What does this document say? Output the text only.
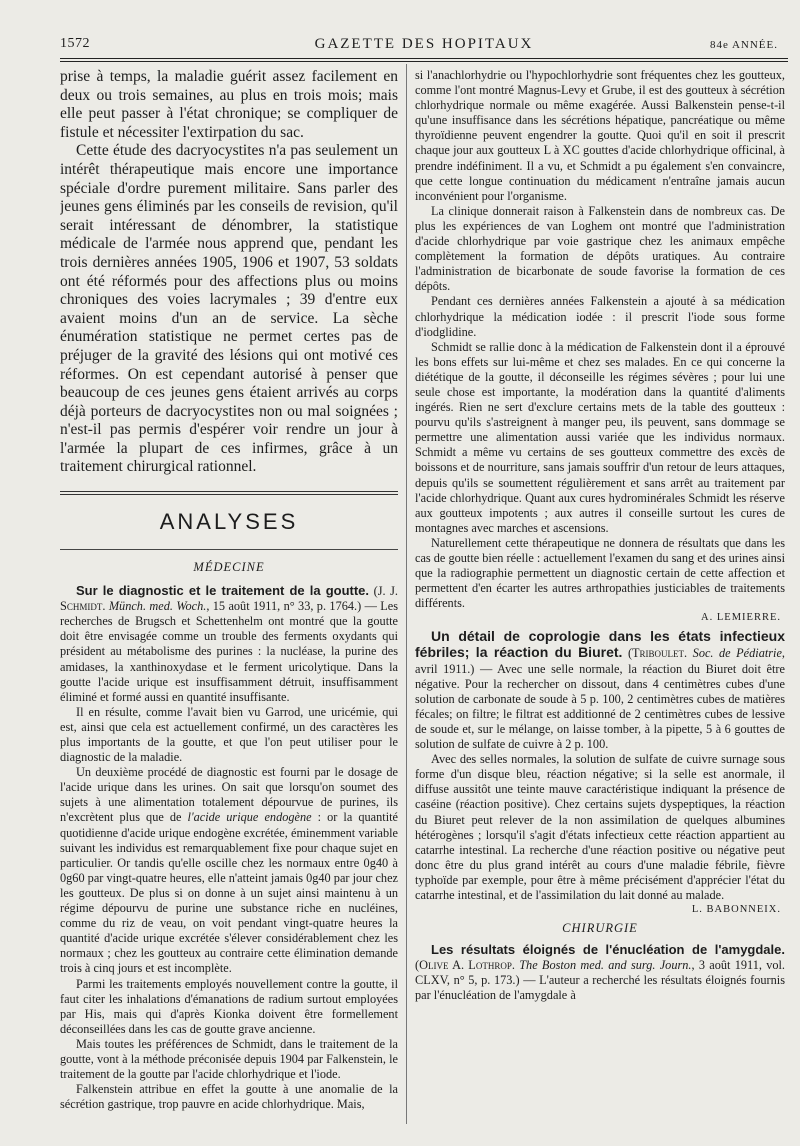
1572	GAZETTE DES HOPITAUX	84e ANNÉE.

prise à temps, la maladie guérit assez facilement en deux ou trois semaines, au plus en trois mois; mais elle peut passer à l'état chronique; se compliquer de fistule et nécessiter l'extirpation du sac.

Cette étude des dacryocystites n'a pas seulement un intérêt thérapeutique mais encore une importance spéciale d'ordre purement militaire. Sans parler des jeunes gens éliminés par les conseils de revision, qu'il serait intéressant de dénombrer, la statistique médicale de l'armée nous apprend que, pendant les trois dernières années 1905, 1906 et 1907, 53 soldats ont été réformés pour des affections plus ou moins chroniques des voies lacrymales ; 39 d'entre eux avaient moins d'un an de service. La sèche énumération statistique ne permet certes pas de préjuger de la gravité des lésions qui ont motivé ces réformes. On est cependant autorisé à penser que beaucoup de ces jeunes gens étaient arrivés au corps déjà porteurs de dacryocystites non ou mal soignées ; n'est-il pas permis d'espérer voir rendre un jour à l'armée la plupart de ces infirmes, grâce à un traitement chirurgical rationnel.

ANALYSES
MÉDECINE

Sur le diagnostic et le traitement de la goutte. (J. J. Schmidt. Münch. med. Woch., 15 août 1911, n° 33, p. 1764.) — Les recherches de Brugsch et Schettenhelm ont montré que la goutte doit être envisagée comme un trouble des ferments oxydants qui président au métabolisme des purines : la nucléase, la purine des amidases, la xanthinoxydase et le ferment uricolytique. Dans la goutte l'acide urique est insuffisamment détruit, insuffisamment éliminé et formé aussi en quantité insuffisante.

Il en résulte, comme l'avait bien vu Garrod, une uricémie, qui est, ainsi que cela est actuellement confirmé, un des caractères les plus importants de la goutte, et que l'on peut utiliser pour le diagnostic de la maladie.

Un deuxième procédé de diagnostic est fourni par le dosage de l'acide urique dans les urines. On sait que lorsqu'on soumet des sujets à une alimentation totalement dépourvue de purines, ils n'excrètent plus que de l'acide urique endogène : or la quantité quotidienne d'acide urique endogène excrétée, éminemment variable suivant les individus est remarquablement fixe pour chaque sujet en particulier. Or tandis qu'elle oscille chez les normaux entre 0g40 à 0g60 par vingt-quatre heures, elle n'atteint jamais 0g40 par jour chez les goutteux. De plus si on donne à un sujet ainsi maintenu à un régime dépourvu de purine une substance riche en nucléines, comme du riz de veau, on voit pendant vingt-quatre heures la quantité d'acide urique excrétée s'élever considérablement chez les normaux ; chez les goutteux au contraire cette élimination demande trois à cinq jours et est incomplète.

Parmi les traitements employés nouvellement contre la goutte, il faut citer les inhalations d'émanations de radium surtout employées par His, mais qui d'après Kionka doivent être formellement déconseillées dans les cas de goutte grave ancienne.

Mais toutes les préférences de Schmidt, dans le traitement de la goutte, vont à la méthode préconisée depuis 1904 par Falkenstein, le traitement de la goutte par l'acide chlorhydrique et l'iode.

Falkenstein attribue en effet la goutte à une anomalie de la sécrétion gastrique, trop pauvre en acide chlorhydrique. Mais,

si l'anachlorhydrie ou l'hypochlorhydrie sont fréquentes chez les goutteux, comme l'ont montré Magnus-Levy et Grube, il est des goutteux à sécrétion chlorhydrique normale ou même exagérée. Aussi Balkenstein pense-t-il qu'une insuffisance dans les sécrétions hépatique, pancréatique ou même thyroïdienne peuvent engendrer la goutte. Quoi qu'il en soit il prescrit chaque jour aux goutteux L à XC gouttes d'acide chlorhydrique officinal, à prendre indéfiniment. Il a vu, et Schmidt a pu également s'en convaincre, que cette longue continuation du médicament n'entraîne jamais aucun inconvénient pour l'organisme.

La clinique donnerait raison à Falkenstein dans de nombreux cas. De plus les expériences de van Loghem ont montré que l'administration d'acide chlorhydrique par voie gastrique chez les animaux empêche complètement la formation de dépôts uratiques. Au contraire l'administration de bicarbonate de soude favorise la formation de ces dépôts.

Pendant ces dernières années Falkenstein a ajouté à sa médication chlorhydrique la médication iodée : il prescrit l'iode sous forme d'iodglidine.

Schmidt se rallie donc à la médication de Falkenstein dont il a éprouvé les bons effets sur lui-même et chez ses malades. En ce qui concerne la diététique de la goutte, il déconseille les régimes sévères ; pour lui une seule chose est importante, la modération dans la quantité d'aliments ingérés. Rien ne sert d'exclure certains mets de la table des goutteux : pourvu qu'ils s'astreignent à manger peu, ils peuvent, sans dommage se permettre une alimentation aussi variée que les individus normaux. Schmidt a même vu certains de ses goutteux commettre des excès de boissons et de nourriture, sans jamais souffrir d'un retour de leurs attaques, depuis qu'ils se soumettent régulièrement et sans arrêt au traitement par l'acide chlorhydrique. Quant aux cures hydrominérales Schmidt les réserve aux goutteux impotents ; aux autres il conseille surtout les cures de montagnes avec marches et ascensions.

Naturellement cette thérapeutique ne donnera de résultats que dans les cas de goutte bien réelle : actuellement l'examen du sang et des urines ainsi que la radiographie permettent un diagnostic certain de cette affection et permettent d'en écarter les autres arthropathies justiciables de traitements différents.

A. LEMIERRE.

Un détail de coprologie dans les états infectieux fébriles; la réaction du Biuret. (Triboulet. Soc. de Pédiatrie, avril 1911.) — Avec une selle normale, la réaction du Biuret doit être négative. Pour la rechercher on dissout, dans 4 centimètres cubes d'une solution de carbonate de soude à 5 p. 100, 2 centimètres cubes de matières fécales; on filtre; le filtrat est additionné de 2 centimètres cubes de lessive de soude et, sur le mélange, on laisse tomber, à la pipette, 5 à 6 gouttes de solution de sulfate de cuivre à 2 p. 100.

Avec des selles normales, la solution de sulfate de cuivre surnage sous forme d'un disque bleu, réaction négative; si la selle est anormale, il diffuse aussitôt une teinte mauve caractéristique indiquant la présence de caséine (réaction positive). Chez certains sujets dyspeptiques, la réaction du Biuret peut relever de la non assimilation de quelques albumines hétérogènes ; lorsqu'il s'agit d'états infectieux cette réaction appartient au catarrhe intestinal. La recherche d'une réaction positive ou négative peut donc être du plus grand intérêt au cours d'une maladie fébrile, fièvre typhoïde par exemple, pour être à même précisément d'apprécier l'état du catarrhe intestinal, et de l'assimilation du lait donné au malade.

L. BABONNEIX.
CHIRURGIE

Les résultats éloignés de l'énucléation de l'amygdale. (Olive A. Lothrop. The Boston med. and surg. Journ., 3 août 1911, vol. CLXV, n° 5, p. 173.) — L'auteur a recherché les résultats éloignés fournis par l'énucléation de l'amygdale à
